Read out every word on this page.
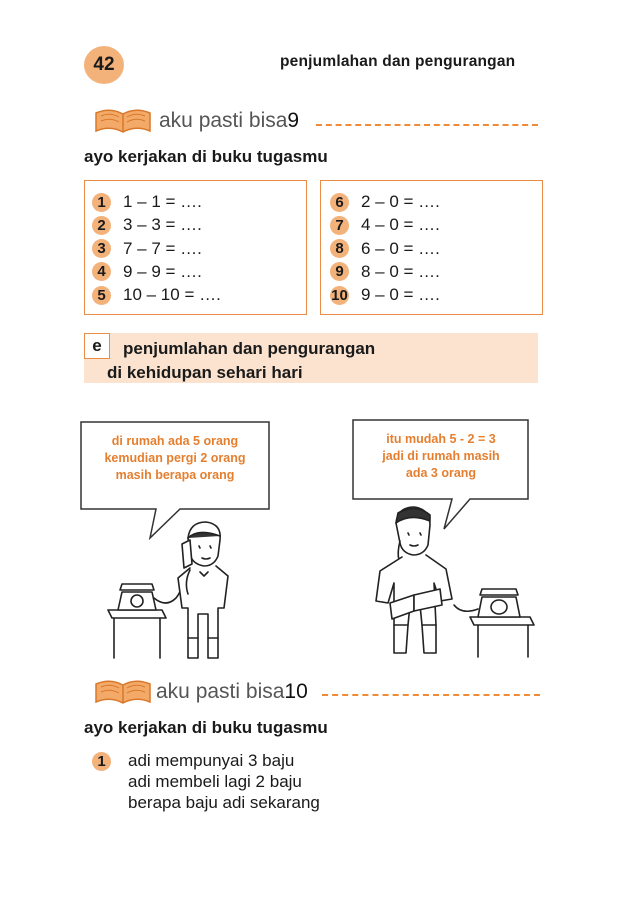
42	penjumlahan dan pengurangan
aku pasti bisa9
ayo kerjakan di buku tugasmu
1	1 – 1 = ….
2	3 – 3 = ….
3	7 – 7 = ….
4	9 – 9 = ….
5	10 – 10 = ….
6	2 – 0 = ….
7	4 – 0 = ….
8	6 – 0 = ….
9	8 – 0 = ….
10 9 – 0 = ….
e	penjumlahan dan pengurangan
di kehidupan sehari hari
di rumah ada 5 orang
kemudian pergi 2 orang
masih berapa orang
itu mudah 5 - 2 = 3
jadi di rumah masih
ada 3 orang
aku pasti bisa10
ayo kerjakan di buku tugasmu
1	adi mempunyai 3 baju
adi membeli lagi 2 baju
berapa baju adi sekarang
